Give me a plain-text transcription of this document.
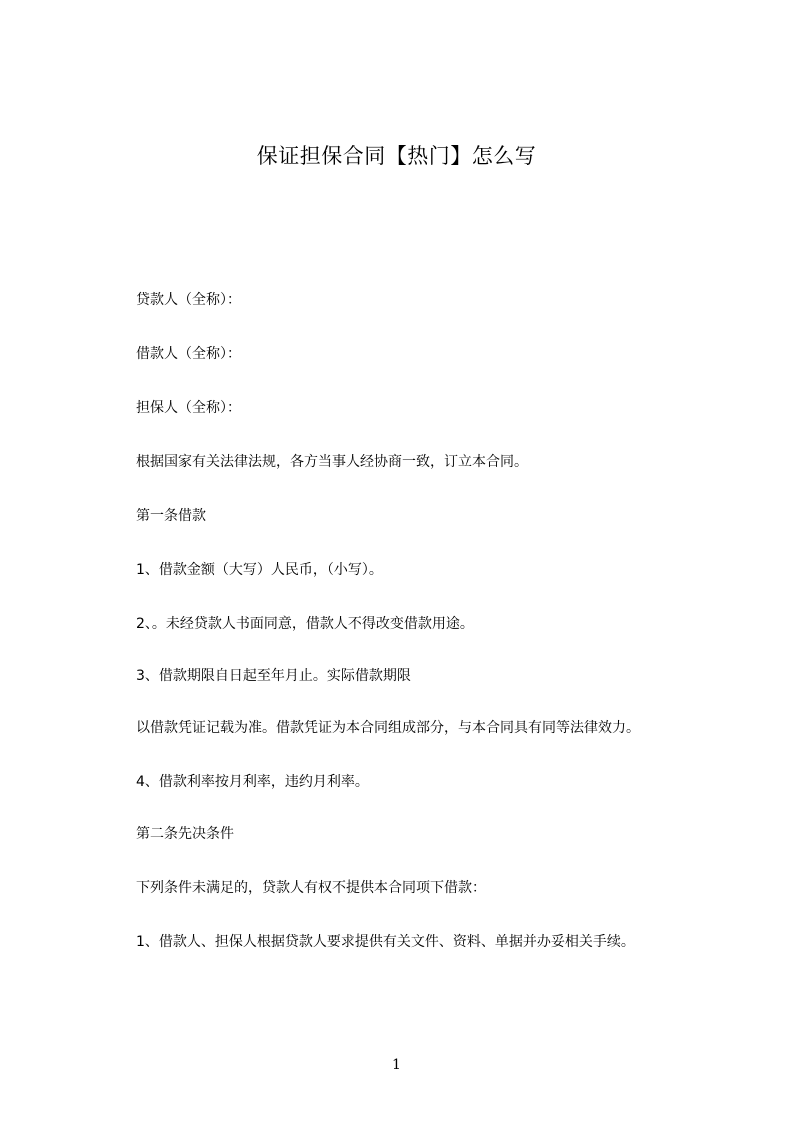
保证担保合同【热门】怎么写
贷款人（全称）：
借款人（全称）：
担保人（全称）：
根据国家有关法律法规，各方当事人经协商一致，订立本合同。
第一条借款
1、借款金额（大写）人民币，（小写）。
2、。未经贷款人书面同意，借款人不得改变借款用途。
3、借款期限自日起至年月止。实际借款期限
以借款凭证记载为准。借款凭证为本合同组成部分，与本合同具有同等法律效力。
4、借款利率按月利率，违约月利率。
第二条先决条件
下列条件未满足的，贷款人有权不提供本合同项下借款：
1、借款人、担保人根据贷款人要求提供有关文件、资料、单据并办妥相关手续。
1
